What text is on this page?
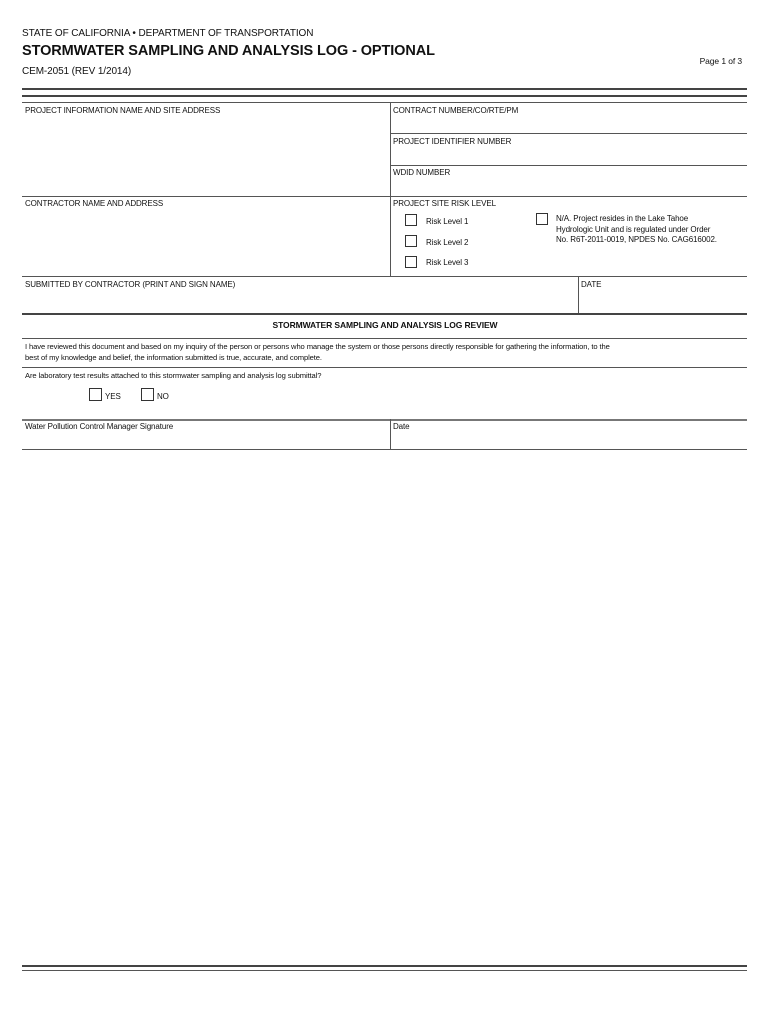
STATE OF CALIFORNIA • DEPARTMENT OF TRANSPORTATION
STORMWATER SAMPLING AND ANALYSIS LOG - OPTIONAL
CEM-2051 (REV 1/2014)
Page 1 of 3
PROJECT INFORMATION NAME AND SITE ADDRESS	CONTRACT NUMBER/CO/RTE/PM
PROJECT IDENTIFIER NUMBER
WDID NUMBER
CONTRACTOR NAME AND ADDRESS	PROJECT SITE RISK LEVEL
Risk Level 1
Risk Level 2
Risk Level 3
N/A. Project resides in the Lake Tahoe
Hydrologic Unit and is regulated under Order
No. R6T-2011-0019, NPDES No. CAG616002.
SUBMITTED BY CONTRACTOR (PRINT AND SIGN NAME)	DATE
STORMWATER SAMPLING AND ANALYSIS LOG REVIEW
I have reviewed this document and based on my inquiry of the person or persons who manage the system or those persons directly responsible for gathering the information, to the
best of my knowledge and belief, the information submitted is true, accurate, and complete.
Are laboratory test results attached to this stormwater sampling and analysis log submittal?
YES	NO
Water Pollution Control Manager Signature	Date
